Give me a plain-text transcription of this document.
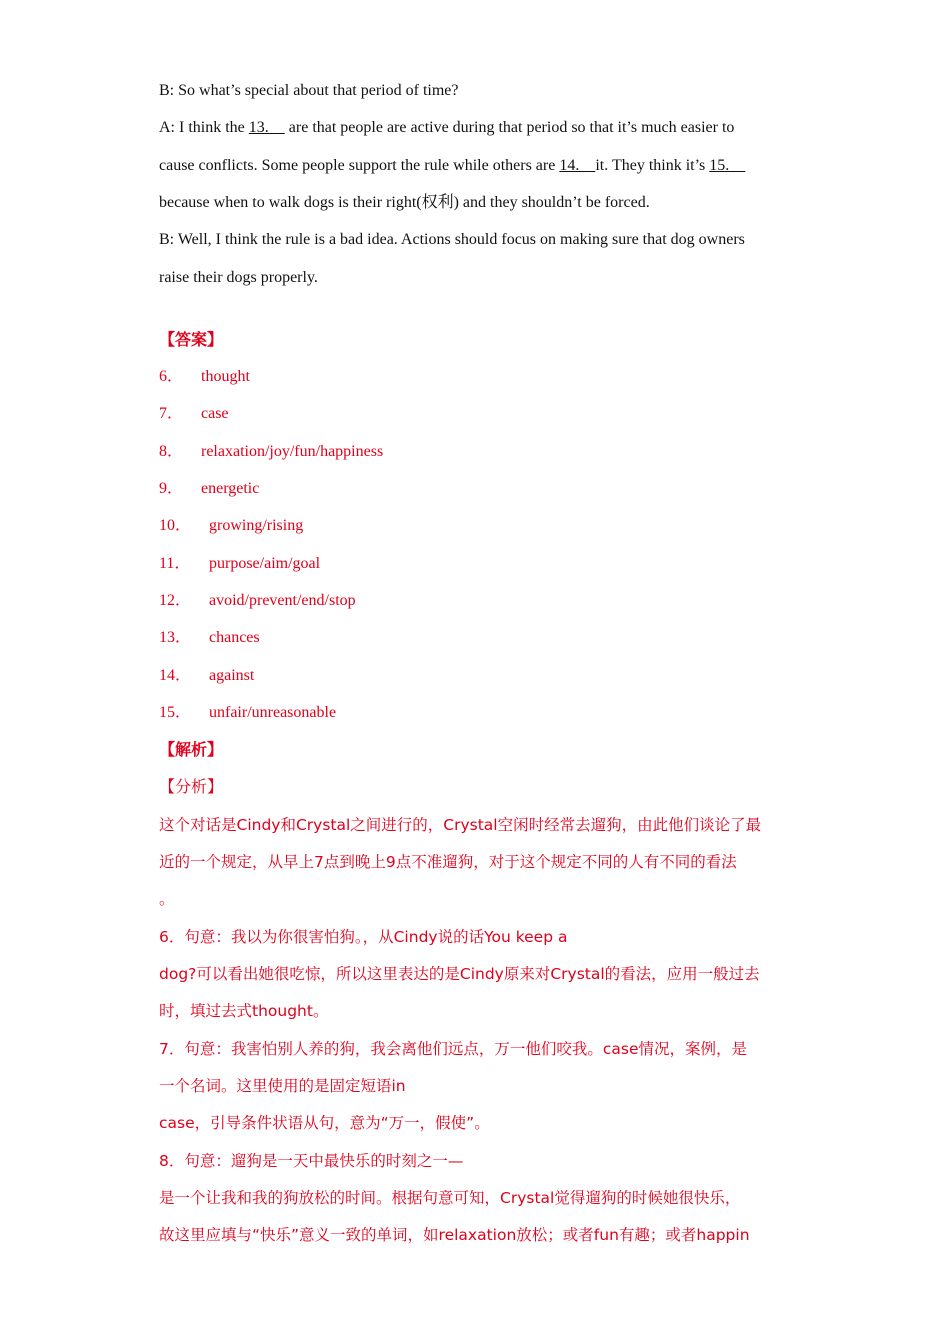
B: So what’s special about that period of time?
A: I think the 13.　 are that people are active during that period so that it’s much easier to
cause conflicts. Some people support the rule while others are 14.　it. They think it’s 15.　
because when to walk dogs is their right(权利) and they shouldn’t be forced.
B: Well, I think the rule is a bad idea. Actions should focus on making sure that dog owners
raise their dogs properly.
【答案】
6． thought
7． case
8． relaxation/joy/fun/happiness
9． energetic
10． growing/rising
11． purpose/aim/goal
12． avoid/prevent/end/stop
13． chances
14． against
15． unfair/unreasonable
【解析】
【分析】
这个对话是Cindy和Crystal之间进行的，Crystal空闲时经常去遛狗，由此他们谈论了最
近的一个规定，从早上7点到晚上9点不准遛狗，对于这个规定不同的人有不同的看法
。
6．句意：我以为你很害怕狗。，从Cindy说的话You keep a
dog?可以看出她很吃惊，所以这里表达的是Cindy原来对Crystal的看法，应用一般过去
时，填过去式thought。
7．句意：我害怕别人养的狗，我会离他们远点，万一他们咬我。case情况，案例，是
一个名词。这里使用的是固定短语in
case，引导条件状语从句，意为“万一，假使”。
8．句意：遛狗是一天中最快乐的时刻之一—
是一个让我和我的狗放松的时间。根据句意可知，Crystal觉得遛狗的时候她很快乐，
故这里应填与“快乐”意义一致的单词，如relaxation放松；或者fun有趣；或者happin
